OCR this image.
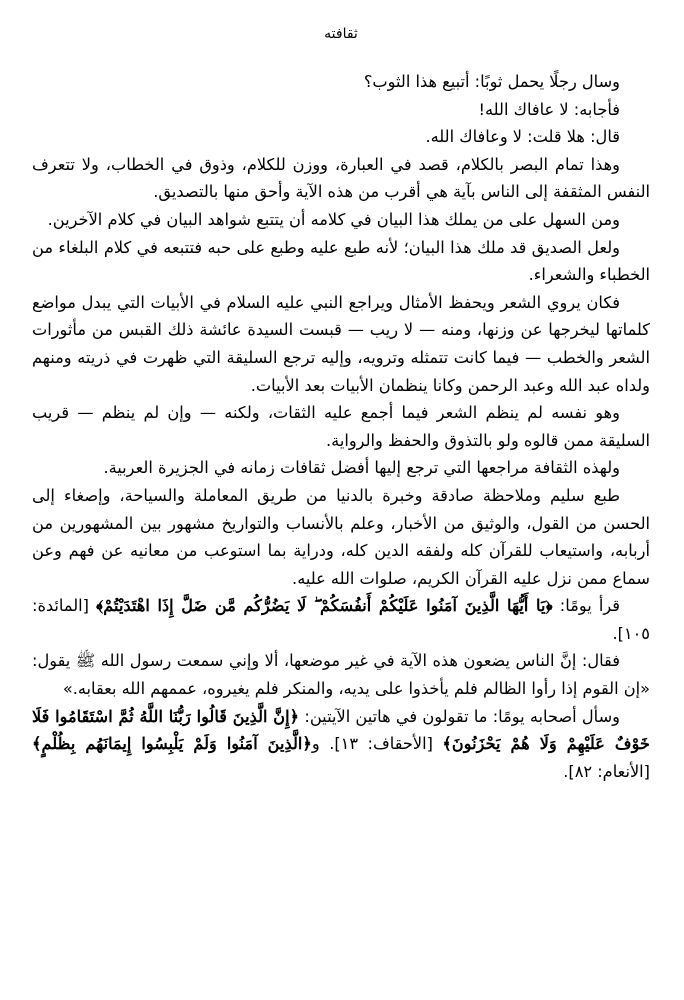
ثقافته

وسال رجلًا يحمل ثوبًا: أتبيع هذا الثوب؟

فأجابه: لا عافاك الله!

قال: هلا قلت: لا وعافاك الله.

وهذا تمام البصر بالكلام، قصد في العبارة، ووزن للكلام، وذوق في الخطاب، ولا تتعرف النفس المثقفة إلى الناس بآية هي أقرب من هذه الآية وأحق منها بالتصديق.

ومن السهل على من يملك هذا البيان في كلامه أن يتتبع شواهد البيان في كلام الآخرين.

ولعل الصديق قد ملك هذا البيان؛ لأنه طبع عليه وطبع على حبه فتتبعه في كلام البلغاء من الخطباء والشعراء.

فكان يروي الشعر ويحفظ الأمثال ويراجع النبي عليه السلام في الأبيات التي يبدل مواضع كلماتها ليخرجها عن وزنها، ومنه — لا ريب — قبست السيدة عائشة ذلك القبس من مأثورات الشعر والخطب — فيما كانت تتمثله وترويه، وإليه ترجع السليقة التي ظهرت في ذريته ومنهم ولداه عبد الله وعبد الرحمن وكانا ينظمان الأبيات بعد الأبيات.

وهو نفسه لم ينظم الشعر فيما أجمع عليه الثقات، ولكنه — وإن لم ينظم — قريب السليقة ممن قالوه ولو بالتذوق والحفظ والرواية.

ولهذه الثقافة مراجعها التي ترجع إليها أفضل ثقافات زمانه في الجزيرة العربية.

طبع سليم وملاحظة صادقة وخبرة بالدنيا من طريق المعاملة والسياحة، وإصغاء إلى الحسن من القول، والوثيق من الأخبار، وعلم بالأنساب والتواريخ مشهور بين المشهورين من أربابه، واستيعاب للقرآن كله ولفقه الدين كله، ودراية بما استوعب من معانيه عن فهم وعن سماع ممن نزل عليه القرآن الكريم، صلوات الله عليه.

قرأ يومًا: ﴿يَا أَيُّهَا الَّذِينَ آمَنُوا عَلَيْكُمْ أَنفُسَكُمْ ۖ لَا يَضُرُّكُم مَّن ضَلَّ إِذَا اهْتَدَيْتُمْ﴾ [المائدة: ١٠٥].

فقال: إنَّ الناس يضعون هذه الآية في غير موضعها، ألا وإني سمعت رسول الله ﷺ يقول: «إن القوم إذا رأوا الظالم فلم يأخذوا على يديه، والمنكر فلم يغيروه، عممهم الله بعقابه.»

وسأل أصحابه يومًا: ما تقولون في هاتين الآيتين: ﴿إِنَّ الَّذِينَ قَالُوا رَبُّنَا اللَّهُ ثُمَّ اسْتَقَامُوا فَلَا خَوْفٌ عَلَيْهِمْ وَلَا هُمْ يَحْزَنُونَ﴾ [الأحقاف: ١٣]. و﴿الَّذِينَ آمَنُوا وَلَمْ يَلْبِسُوا إِيمَانَهُم بِظُلْمٍ﴾ [الأنعام: ٨٢].
